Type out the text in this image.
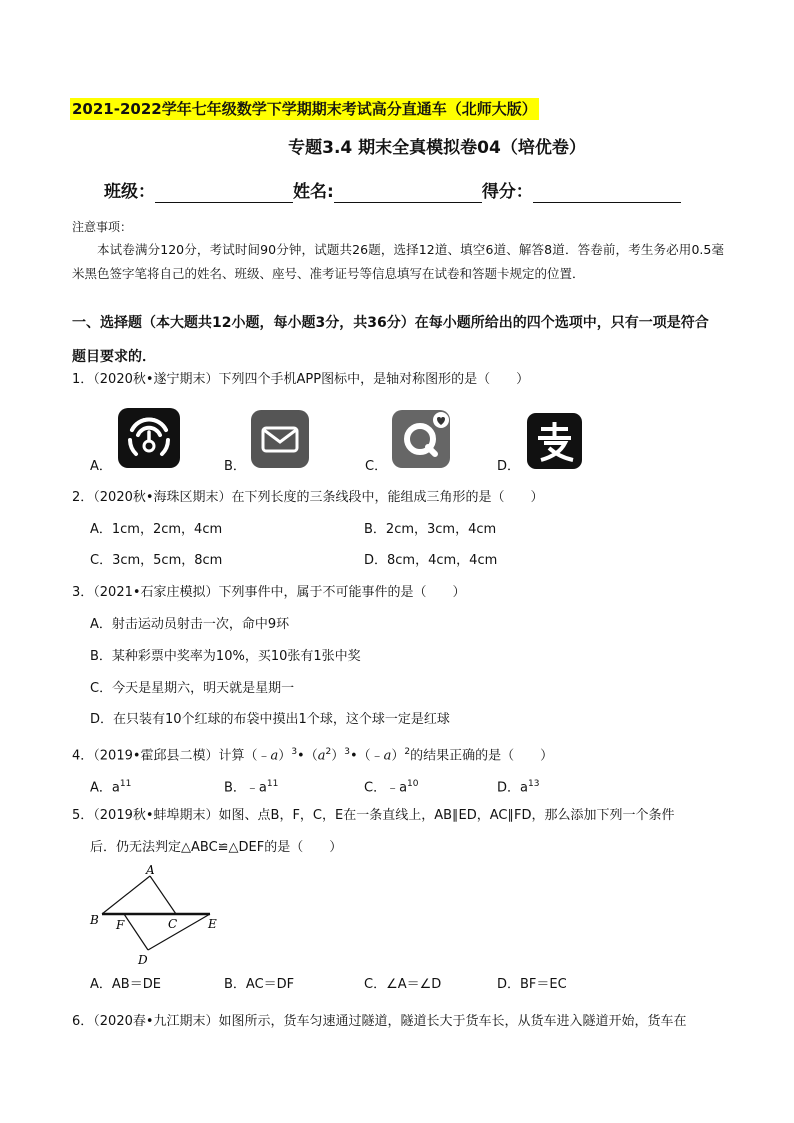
2021-2022学年七年级数学下学期期末考试高分直通车（北师大版）
专题3.4 期末全真模拟卷04（培优卷）
班级：	姓名:	得分：
注意事项：
本试卷满分120分，考试时间90分钟，试题共26题，选择12道、填空6道、解答8道．答卷前，考生务必用0.5毫米黑色签字笔将自己的姓名、班级、座号、准考证号等信息填写在试卷和答题卡规定的位置．
一、选择题（本大题共12小题，每小题3分，共36分）在每小题所给出的四个选项中，只有一项是符合
题目要求的．
1．（2020秋•遂宁期末）下列四个手机APP图标中，是轴对称图形的是（　　）
A．	B．	C．	D．
2．（2020秋•海珠区期末）在下列长度的三条线段中，能组成三角形的是（　　）
A．1cm，2cm，4cm	B．2cm，3cm，4cm
C．3cm，5cm，8cm	D．8cm，4cm，4cm
3．（2021•石家庄模拟）下列事件中，属于不可能事件的是（　　）
A．射击运动员射击一次，命中9环
B．某种彩票中奖率为10%，买10张有1张中奖
C．今天是星期六，明天就是星期一
D．在只装有10个红球的布袋中摸出1个球，这个球一定是红球
4．（2019•霍邱县二模）计算$(﹣a)^3•(a^2)^3•(﹣a)^2$的结果正确的是（　　）
A．$a^{11}$	B．$﹣a^{11}$	C．$﹣a^{10}$	D．$a^{13}$
5．（2019秋•蚌埠期末）如图、点B，F，C，E在一条直线上，AB∥ED，AC∥FD，那么添加下列一个条件
后．仍无法判定△ABC≌△DEF的是（　　）
A
B F	C	E
D
A．AB＝DE	B．AC＝DF	C．∠A＝∠D	D．BF＝EC
6．（2020春•九江期末）如图所示，货车匀速通过隧道，隧道长大于货车长，从货车进入隧道开始，货车在
